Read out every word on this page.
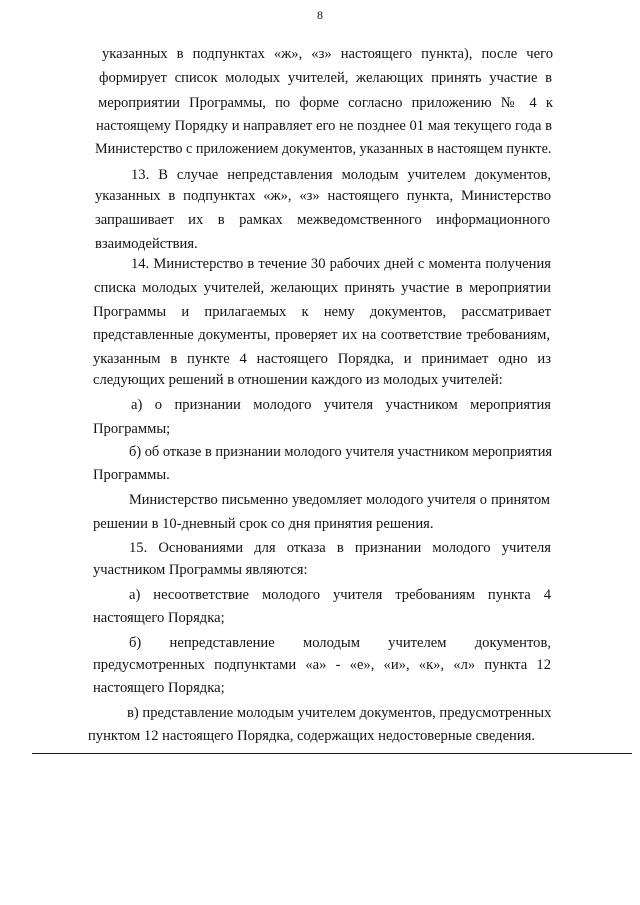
8
указанных в подпунктах «ж», «з» настоящего пункта), после чего
формирует список молодых учителей, желающих принять участие в
мероприятии Программы, по форме согласно приложению № 4 к
настоящему Порядку и направляет его не позднее 01 мая текущего года в
Министерство с приложением документов, указанных в настоящем пункте.
13. В случае непредставления молодым учителем документов,
указанных в подпунктах «ж», «з» настоящего пункта, Министерство
запрашивает их в рамках межведомственного информационного
взаимодействия.
14. Министерство в течение 30 рабочих дней с момента получения
списка молодых учителей, желающих принять участие в мероприятии
Программы и прилагаемых к нему документов, рассматривает
представленные документы, проверяет их на соответствие требованиям,
указанным в пункте 4 настоящего Порядка, и принимает одно из
следующих решений в отношении каждого из молодых учителей:
а) о признании молодого учителя участником мероприятия
Программы;
б) об отказе в признании молодого учителя участником мероприятия
Программы.
Министерство письменно уведомляет молодого учителя о принятом
решении в 10-дневный срок со дня принятия решения.
15. Основаниями для отказа в признании молодого учителя
участником Программы являются:
а) несоответствие молодого учителя требованиям пункта 4
настоящего Порядка;
б) непредставление молодым учителем документов,
предусмотренных подпунктами «а» - «е», «и», «к», «л» пункта 12
настоящего Порядка;
в) представление молодым учителем документов, предусмотренных
пунктом 12 настоящего Порядка, содержащих недостоверные сведения.
